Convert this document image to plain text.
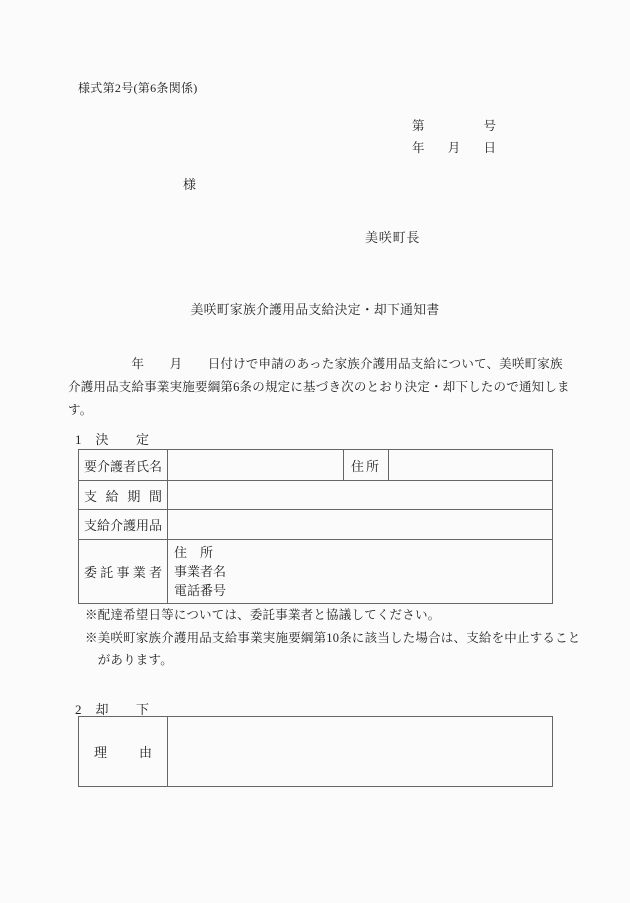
様式第2号(第6条関係)
第	号
年 月 日
様
美咲町長
美咲町家族介護用品支給決定・却下通知書
　　　　　年　　月　　日付けで申請のあった家族介護用品支給について、美咲町家族
介護用品支給事業実施要綱第6条の規定に基づき次のとおり決定・却下したので通知しま
す。
1　決　　定
要介護者氏名		住所	
支給期間			
支給介護用品			
委託事業者	住　所
事業者名
電話番号		
※配達希望日等については、委託事業者と協議してください。
※美咲町家族介護用品支給事業実施要綱第10条に該当した場合は、支給を中止すること
　があります。
2　却　　下
理由	
